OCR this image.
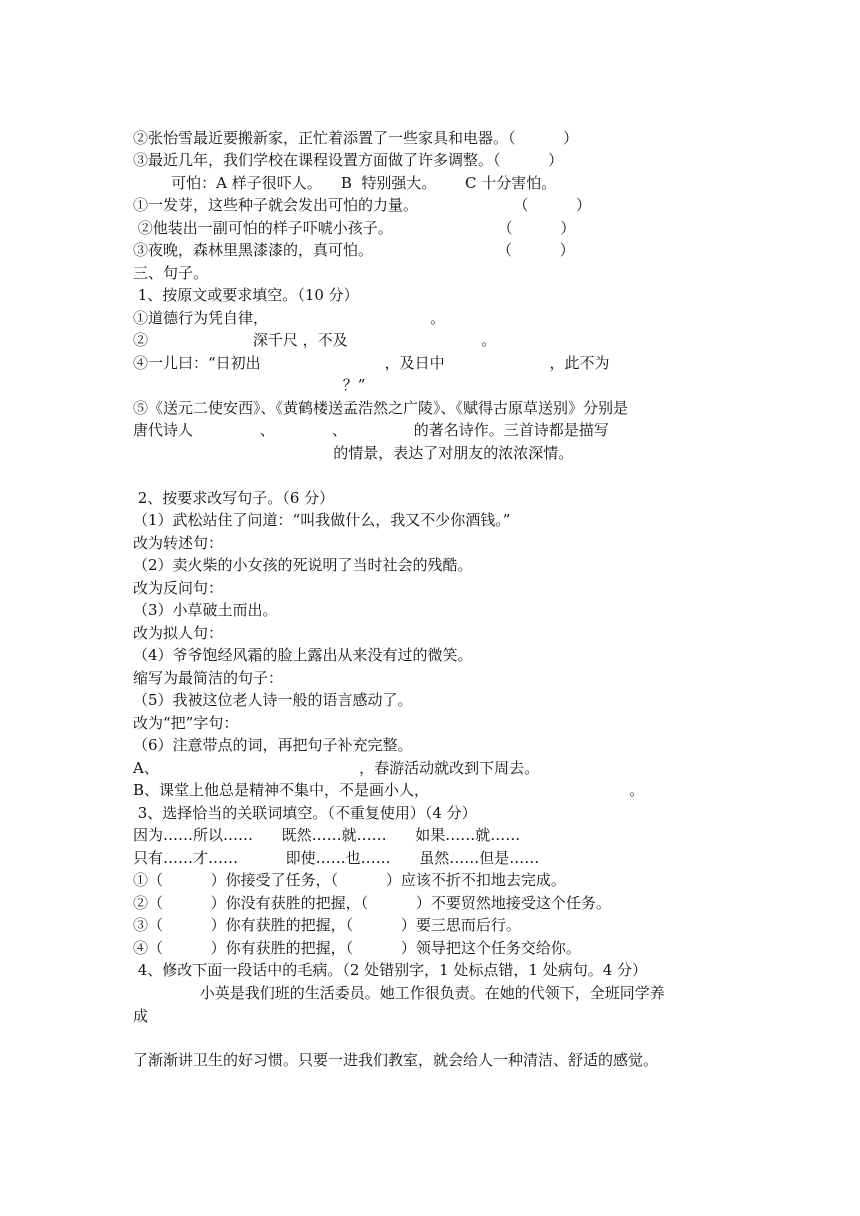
②张怡雪最近要搬新家，正忙着添置了一些家具和电器。（          ）
③最近几年，我们学校在课程设置方面做了许多调整。（          ）
可怕：A 样子很吓人。    B  特别强大。      C 十分害怕。
①一发芽，这些种子就会发出可怕的力量。                    （          ）
②他装出一副可怕的样子吓唬小孩子。                      （          ）
③夜晚，森林里黑漆漆的，真可怕。                          （          ）
三、句子。
1、按原文或要求填空。（10 分）
①道德行为凭自律，                                  。
②                      深千尺 ，不及                            。
④一儿曰：“日初出                          ，及日中                      ，此不为
？”
⑤《送元二使安西》、《黄鹤楼送孟浩然之广陵》、《赋得古原草送别》分别是
唐代诗人              、            、              的著名诗作。三首诗都是描写
的情景，表达了对朋友的浓浓深情。
2、按要求改写句子。（6 分）
（1）武松站住了问道：“叫我做什么，我又不少你酒钱。”
改为转述句：
（2）卖火柴的小女孩的死说明了当时社会的残酷。
改为反问句：
（3）小草破土而出。
改为拟人句：
（4）爷爷饱经风霜的脸上露出从来没有过的微笑。
缩写为最简洁的句子：
（5）我被这位老人诗一般的语言感动了。
改为“把”字句：
（6）注意带点的词，再把句子补充完整。
A、                                          ，春游活动就改到下周去。
B、课堂上他总是精神不集中，不是画小人，                                          。
3、选择恰当的关联词填空。（不重复使用）（4 分）
因为……所以……      既然……就……      如果……就……
只有……才……          即使……也……      虽然……但是……
①（          ）你接受了任务，（          ）应该不折不扣地去完成。
②（          ）你没有获胜的把握，（          ）不要贸然地接受这个任务。
③（          ）你有获胜的把握，（          ）要三思而后行。
④（          ）你有获胜的把握，（          ）领导把这个任务交给你。
4、修改下面一段话中的毛病。（2 处错别字，1 处标点错，1 处病句。4 分）
小英是我们班的生活委员。她工作很负责。在她的代领下，全班同学养
成
了渐渐讲卫生的好习惯。只要一进我们教室，就会给人一种清洁、舒适的感觉。
